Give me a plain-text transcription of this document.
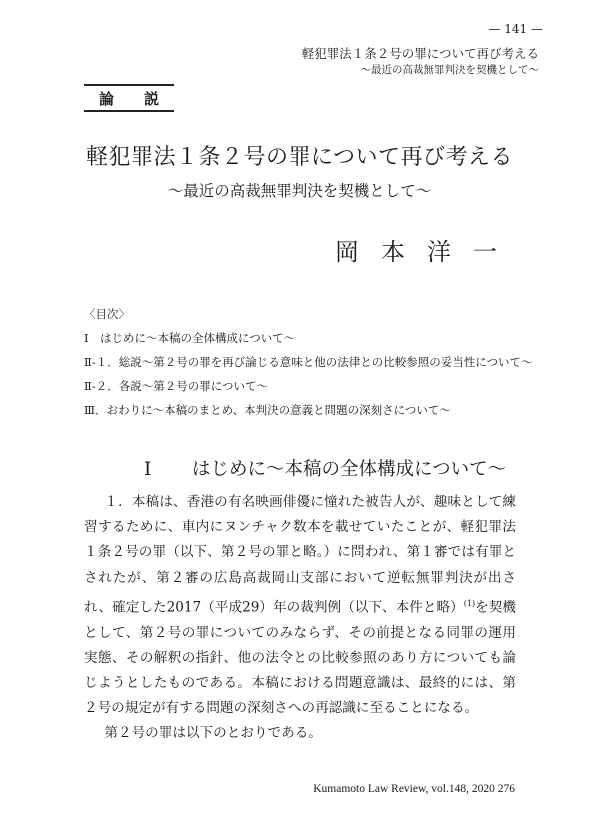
— 141 —
軽犯罪法１条２号の罪について再び考える
〜最近の高裁無罪判決を契機として〜
論 説
軽犯罪法１条２号の罪について再び考える
〜最近の高裁無罪判決を契機として〜
岡本洋一
〈目次〉
Ⅰ　はじめに〜本稿の全体構成について〜
Ⅱ-１．総説〜第２号の罪を再び論じる意味と他の法律との比較参照の妥当性について〜
Ⅱ-２．各説〜第２号の罪について〜
Ⅲ．おわりに〜本稿のまとめ、本判決の意義と問題の深刻さについて〜
Ⅰ はじめに〜本稿の全体構成について〜

１．本稿は、香港の有名映画俳優に憧れた被告人が、趣味として練習するために、車内にヌンチャク数本を載せていたことが、軽犯罪法１条２号の罪（以下、第２号の罪と略。）に問われ、第１審では有罪とされたが、第２審の広島高裁岡山支部において逆転無罪判決が出され、確定した2017（平成29）年の裁判例（以下、本件と略）$^{(1)}$を契機として、第２号の罪についてのみならず、その前提となる同罪の運用実態、その解釈の指針、他の法令との比較参照のあり方についても論じようとしたものである。本稿における問題意識は、最終的には、第２号の規定が有する問題の深刻さへの再認識に至ることになる。

第２号の罪は以下のとおりである。

Kumamoto Law Review, vol.148, 2020 276
